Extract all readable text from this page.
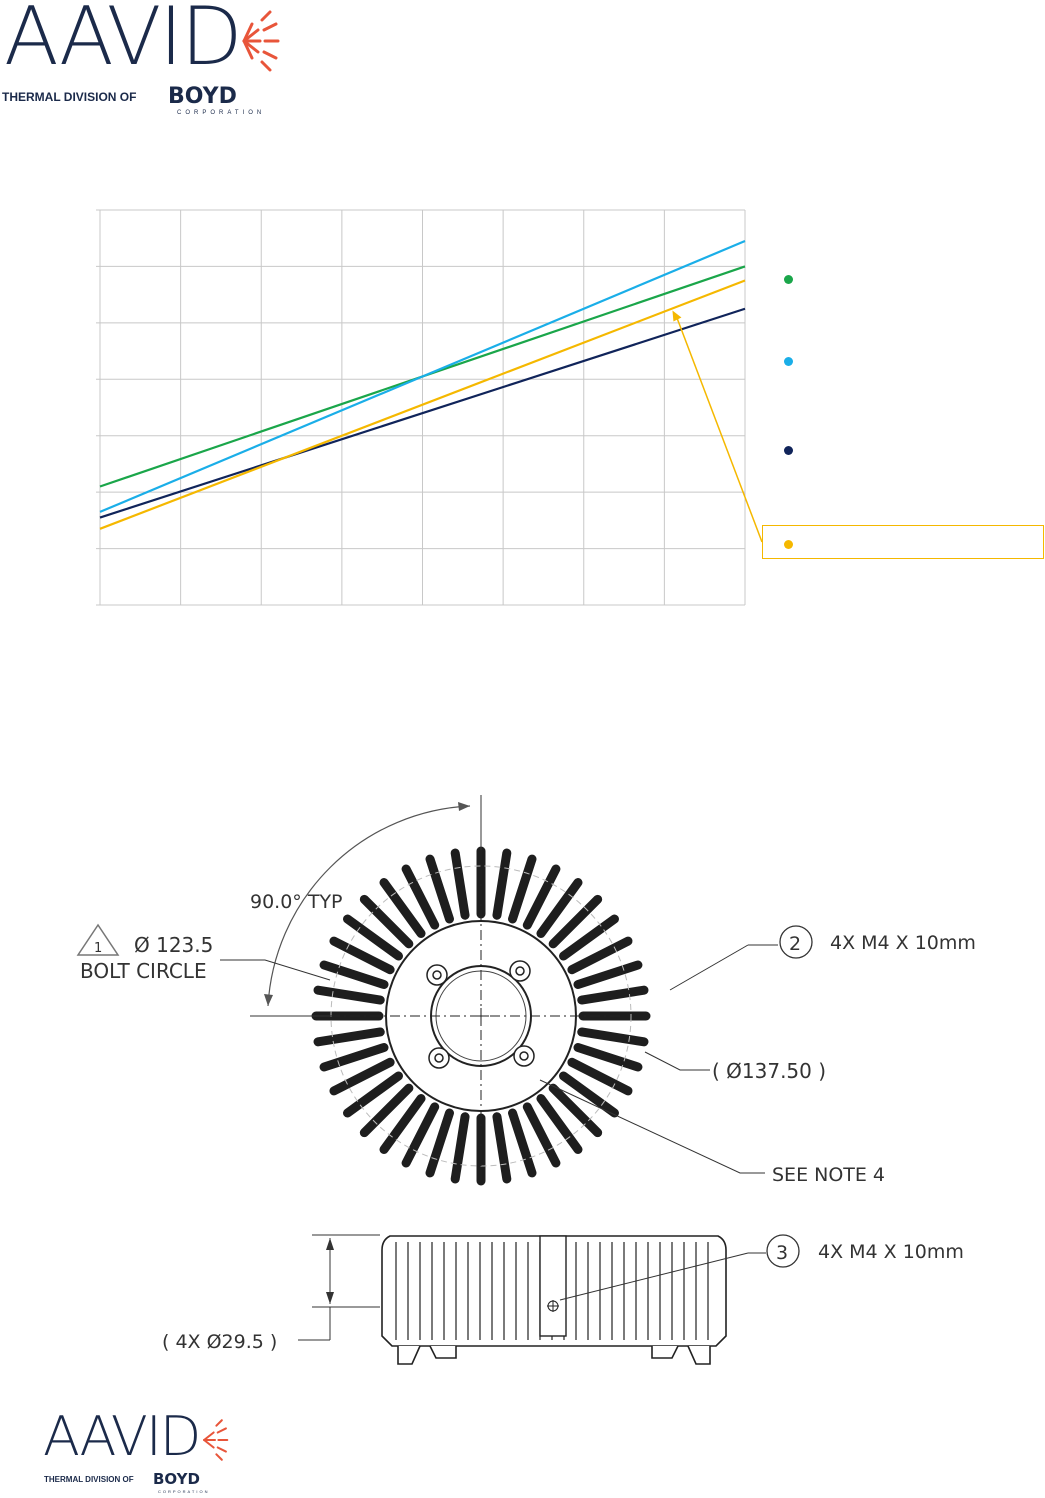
AAVID
THERMAL DIVISION OF BOYD
CORPORATION
1 Ø 123.5
BOLT CIRCLE
90.0° TYP
2 4X M4 X 10mm
( Ø137.50 )
SEE NOTE 4
( 4X Ø29.5 )
3 4X M4 X 10mm
AAVID
THERMAL DIVISION OF BOYD
CORPORATION
